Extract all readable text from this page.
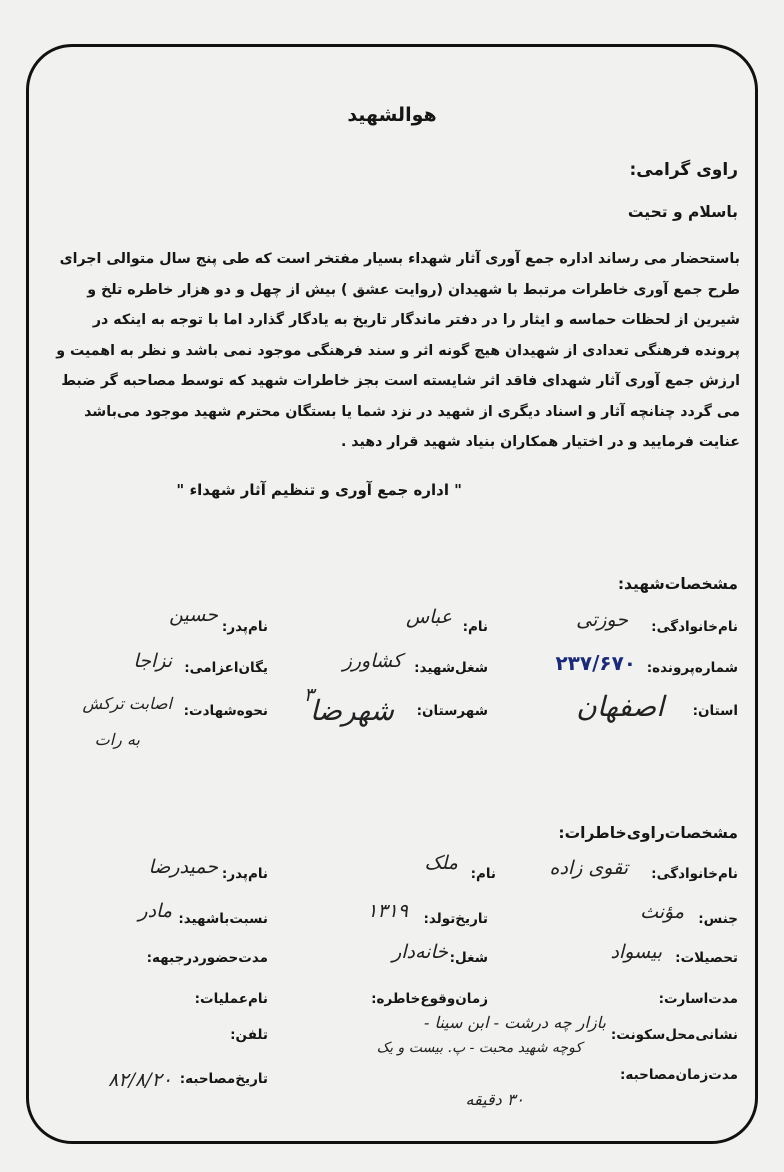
هوالشهید
راوی گرامی:
باسلام و تحیت
باستحضار می رساند اداره جمع آوری آثار شهداء بسیار مفتخر است که طی پنج سال متوالی اجرای
طرح جمع آوری خاطرات مرتبط با شهیدان (روایت عشق ) بیش از چهل و دو هزار خاطره تلخ و
شیرین از لحظات حماسه و ایثار را در دفتر ماندگار تاریخ به یادگار گذارد اما با توجه به اینکه در
پرونده فرهنگی تعدادی از شهیدان هیچ گونه اثر و سند فرهنگی موجود نمی باشد و نظر به اهمیت و
ارزش جمع آوری آثار شهدای فاقد اثر شایسته است بجز خاطرات شهید که توسط مصاحبه گر ضبط
می گردد چنانچه آثار و اسناد دیگری از شهید در نزد شما یا بستگان محترم شهید موجود می‌باشد
عنایت فرمایید و در اختیار همکاران بنیاد شهید قرار دهید .
" اداره جمع آوری و تنظیم آثار شهداء "
مشخصات‌شهید:
نام‌خانوادگی:
حوزتی
نام:
عباس
نام‌پدر:
حسین
شماره‌پرونده:
۲۳۷/۶۷۰
شغل‌شهید:
کشاورز
یگان‌اعزامی:
نزاجا
استان:
اصفهان
شهرستان:
شهرضا
۳
نحوه‌شهادت:
اصابت ترکش
به رات
مشخصات‌راوی‌خاطرات:
نام‌خانوادگی:
تقوی زاده
نام:
ملک
نام‌پدر:
حمیدرضا
جنس:
مؤنث
تاریخ‌تولد:
۱۳۱۹
نسبت‌باشهید:
مادر
تحصیلات:
بیسواد
شغل:
خانه‌دار
مدت‌حضوردرجبهه:
مدت‌اسارت:
زمان‌وقوع‌خاطره:
نام‌عملیات:
نشانی‌محل‌سکونت:
بازار چه درشت - ابن سینا -
تلفن:
کوچه شهید محبت - پ. بیست و یک
مدت‌زمان‌مصاحبه:
۳۰ دقیقه
تاریخ‌مصاحبه:
۸۲/۸/۲۰
